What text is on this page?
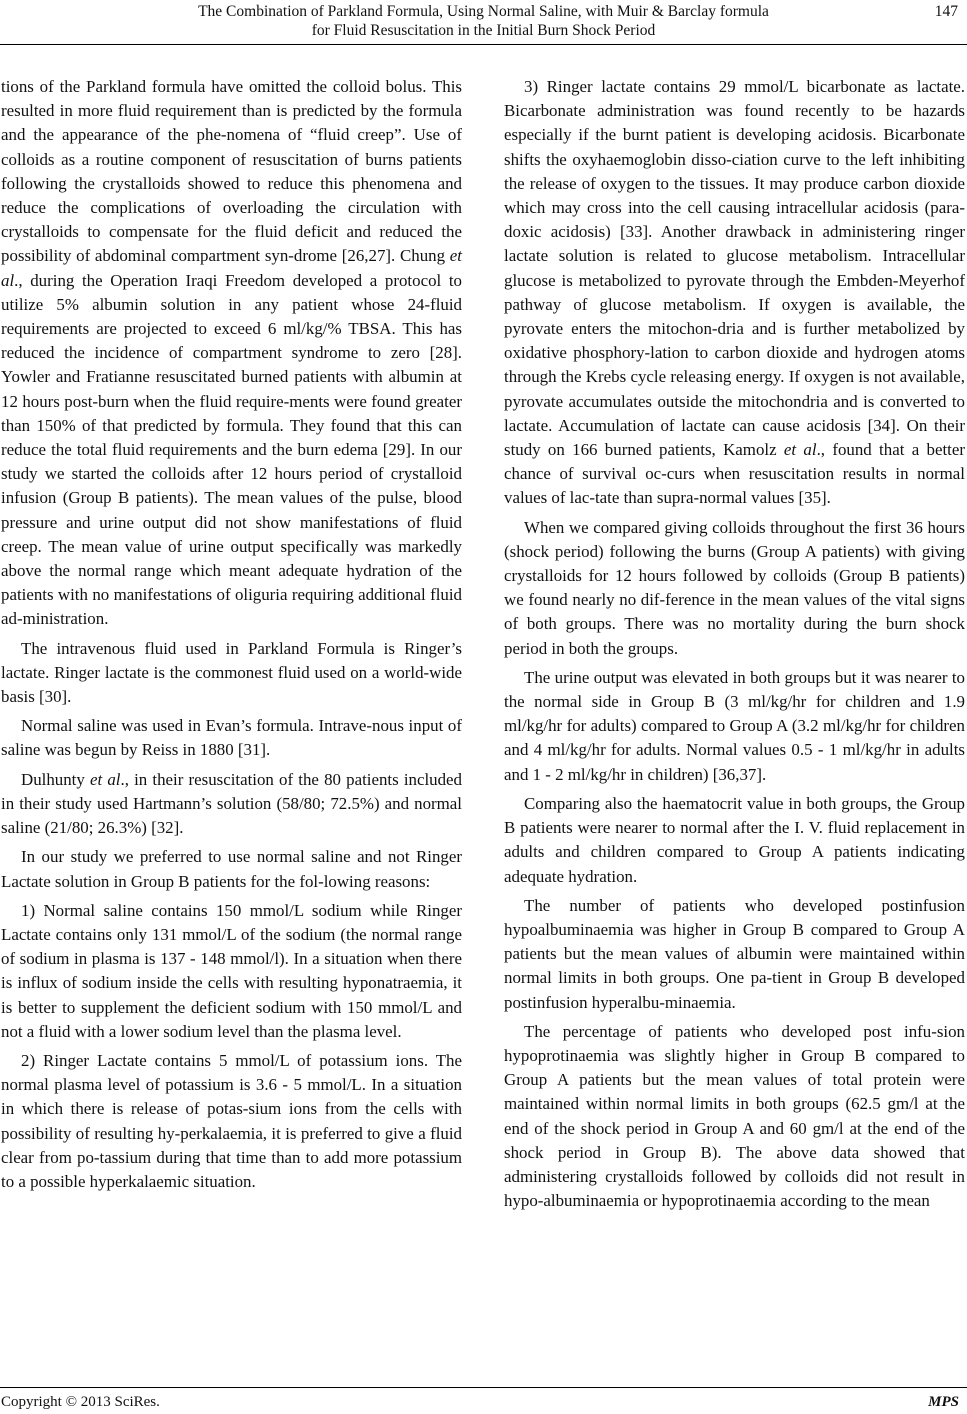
The Combination of Parkland Formula, Using Normal Saline, with Muir & Barclay formula
for Fluid Resuscitation in the Initial Burn Shock Period
147

tions of the Parkland formula have omitted the colloid bolus. This resulted in more fluid requirement than is predicted by the formula and the appearance of the phe-nomena of “fluid creep”. Use of colloids as a routine component of resuscitation of burns patients following the crystalloids showed to reduce this phenomena and reduce the complications of overloading the circulation with crystalloids to compensate for the fluid deficit and reduced the possibility of abdominal compartment syn-drome [26,27]. Chung et al., during the Operation Iraqi Freedom developed a protocol to utilize 5% albumin solution in any patient whose 24-fluid requirements are projected to exceed 6 ml/kg/% TBSA. This has reduced the incidence of compartment syndrome to zero [28]. Yowler and Fratianne resuscitated burned patients with albumin at 12 hours post-burn when the fluid require-ments were found greater than 150% of that predicted by formula. They found that this can reduce the total fluid requirements and the burn edema [29]. In our study we started the colloids after 12 hours period of crystalloid infusion (Group B patients). The mean values of the pulse, blood pressure and urine output did not show manifestations of fluid creep. The mean value of urine output specifically was markedly above the normal range which meant adequate hydration of the patients with no manifestations of oliguria requiring additional fluid ad-ministration.

The intravenous fluid used in Parkland Formula is Ringer’s lactate. Ringer lactate is the commonest fluid used on a world-wide basis [30].

Normal saline was used in Evan’s formula. Intrave-nous input of saline was begun by Reiss in 1880 [31].

Dulhunty et al., in their resuscitation of the 80 patients included in their study used Hartmann’s solution (58/80; 72.5%) and normal saline (21/80; 26.3%) [32].

In our study we preferred to use normal saline and not Ringer Lactate solution in Group B patients for the fol-lowing reasons:

1) Normal saline contains 150 mmol/L sodium while Ringer Lactate contains only 131 mmol/L of the sodium (the normal range of sodium in plasma is 137 - 148 mmol/l). In a situation when there is influx of sodium inside the cells with resulting hyponatraemia, it is better to supplement the deficient sodium with 150 mmol/L and not a fluid with a lower sodium level than the plasma level.

2) Ringer Lactate contains 5 mmol/L of potassium ions. The normal plasma level of potassium is 3.6 - 5 mmol/L. In a situation in which there is release of potas-sium ions from the cells with possibility of resulting hy-perkalaemia, it is preferred to give a fluid clear from po-tassium during that time than to add more potassium to a possible hyperkalaemic situation.

3) Ringer lactate contains 29 mmol/L bicarbonate as lactate. Bicarbonate administration was found recently to be hazards especially if the burnt patient is developing acidosis. Bicarbonate shifts the oxyhaemoglobin disso-ciation curve to the left inhibiting the release of oxygen to the tissues. It may produce carbon dioxide which may cross into the cell causing intracellular acidosis (para-doxic acidosis) [33]. Another drawback in administering ringer lactate solution is related to glucose metabolism. Intracellular glucose is metabolized to pyrovate through the Embden-Meyerhof pathway of glucose metabolism. If oxygen is available, the pyrovate enters the mitochon-dria and is further metabolized by oxidative phosphory-lation to carbon dioxide and hydrogen atoms through the Krebs cycle releasing energy. If oxygen is not available, pyrovate accumulates outside the mitochondria and is converted to lactate. Accumulation of lactate can cause acidosis [34]. On their study on 166 burned patients, Kamolz et al., found that a better chance of survival oc-curs when resuscitation results in normal values of lac-tate than supra-normal values [35].

When we compared giving colloids throughout the first 36 hours (shock period) following the burns (Group A patients) with giving crystalloids for 12 hours followed by colloids (Group B patients) we found nearly no dif-ference in the mean values of the vital signs of both groups. There was no mortality during the burn shock period in both the groups.

The urine output was elevated in both groups but it was nearer to the normal side in Group B (3 ml/kg/hr for children and 1.9 ml/kg/hr for adults) compared to Group A (3.2 ml/kg/hr for children and 4 ml/kg/hr for adults. Normal values 0.5 - 1 ml/kg/hr in adults and 1 - 2 ml/kg/hr in children) [36,37].

Comparing also the haematocrit value in both groups, the Group B patients were nearer to normal after the I. V. fluid replacement in adults and children compared to Group A patients indicating adequate hydration.

The number of patients who developed postinfusion hypoalbuminaemia was higher in Group B compared to Group A patients but the mean values of albumin were maintained within normal limits in both groups. One pa-tient in Group B developed postinfusion hyperalbu-minaemia.

The percentage of patients who developed post infu-sion hypoprotinaemia was slightly higher in Group B compared to Group A patients but the mean values of total protein were maintained within normal limits in both groups (62.5 gm/l at the end of the shock period in Group A and 60 gm/l at the end of the shock period in Group B). The above data showed that administering crystalloids followed by colloids did not result in hypo-albuminaemia or hypoprotinaemia according to the mean

Copyright © 2013 SciRes.	MPS
